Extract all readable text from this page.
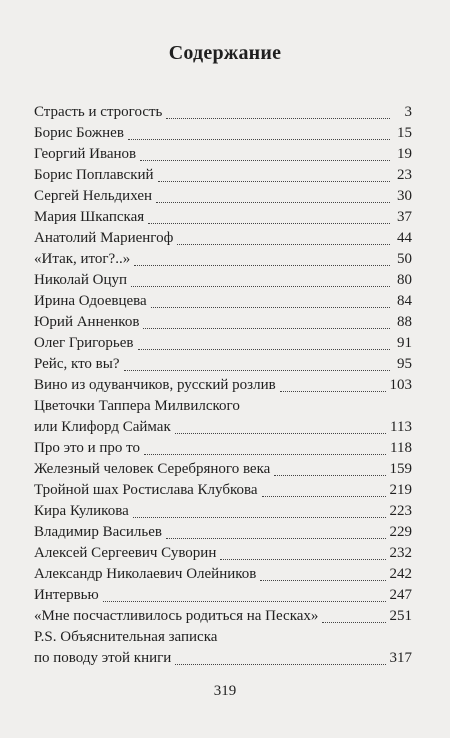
Содержание
Страсть и строгость	3
Борис Божнев	15
Георгий Иванов	19
Борис Поплавский	23
Сергей Нельдихен	30
Мария Шкапская	37
Анатолий Мариенгоф	44
«Итак, итог?..»	50
Николай Оцуп	80
Ирина Одоевцева	84
Юрий Анненков	88
Олег Григорьев	91
Рейс, кто вы?	95
Вино из одуванчиков, русский розлив	103
Цветочки Таппера Милвилского
или Клифорд Саймак	113
Про это и про то	118
Железный человек Серебряного века	159
Тройной шах Ростислава Клубкова	219
Кира Куликова	223
Владимир Васильев	229
Алексей Сергеевич Суворин	232
Александр Николаевич Олейников	242
Интервью	247
«Мне посчастливилось родиться на Песках»	251
P.S. Объяснительная записка
по поводу этой книги	317
319
